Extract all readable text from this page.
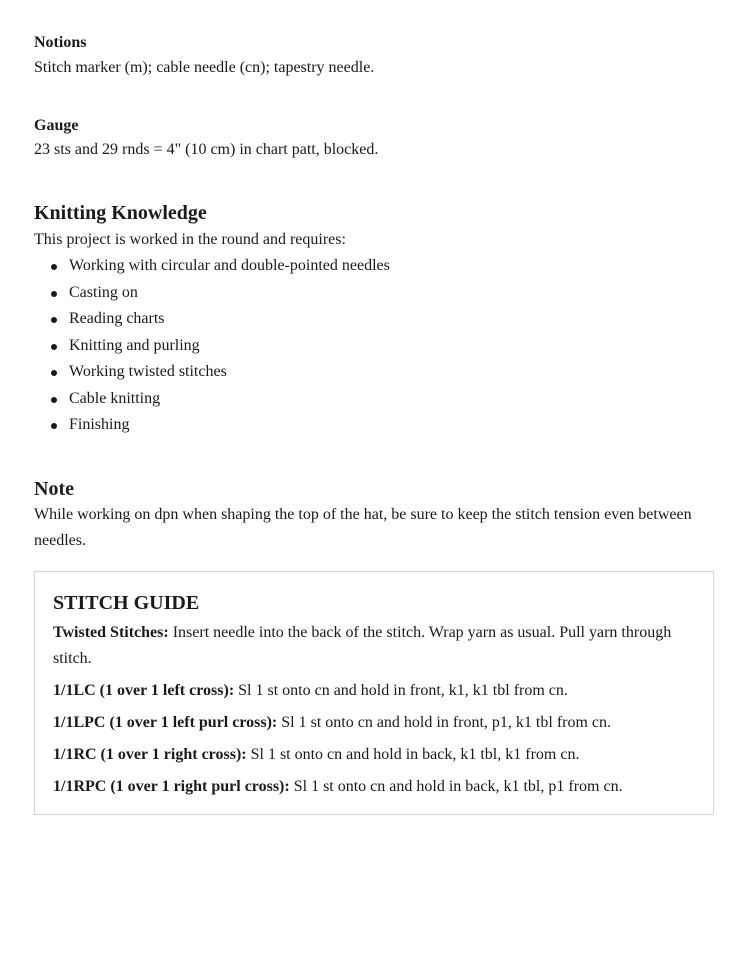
Notions

Stitch marker (m); cable needle (cn); tapestry needle.

Gauge

23 sts and 29 rnds = 4" (10 cm) in chart patt, blocked.

Knitting Knowledge

This project is worked in the round and requires:

Working with circular and double-pointed needles
Casting on
Reading charts
Knitting and purling
Working twisted stitches
Cable knitting
Finishing

Note

While working on dpn when shaping the top of the hat, be sure to keep the stitch tension even between needles.

STITCH GUIDE

Twisted Stitches: Insert needle into the back of the stitch. Wrap yarn as usual. Pull yarn through stitch.

1/1LC (1 over 1 left cross): Sl 1 st onto cn and hold in front, k1, k1 tbl from cn.

1/1LPC (1 over 1 left purl cross): Sl 1 st onto cn and hold in front, p1, k1 tbl from cn.

1/1RC (1 over 1 right cross): Sl 1 st onto cn and hold in back, k1 tbl, k1 from cn.

1/1RPC (1 over 1 right purl cross): Sl 1 st onto cn and hold in back, k1 tbl, p1 from cn.
